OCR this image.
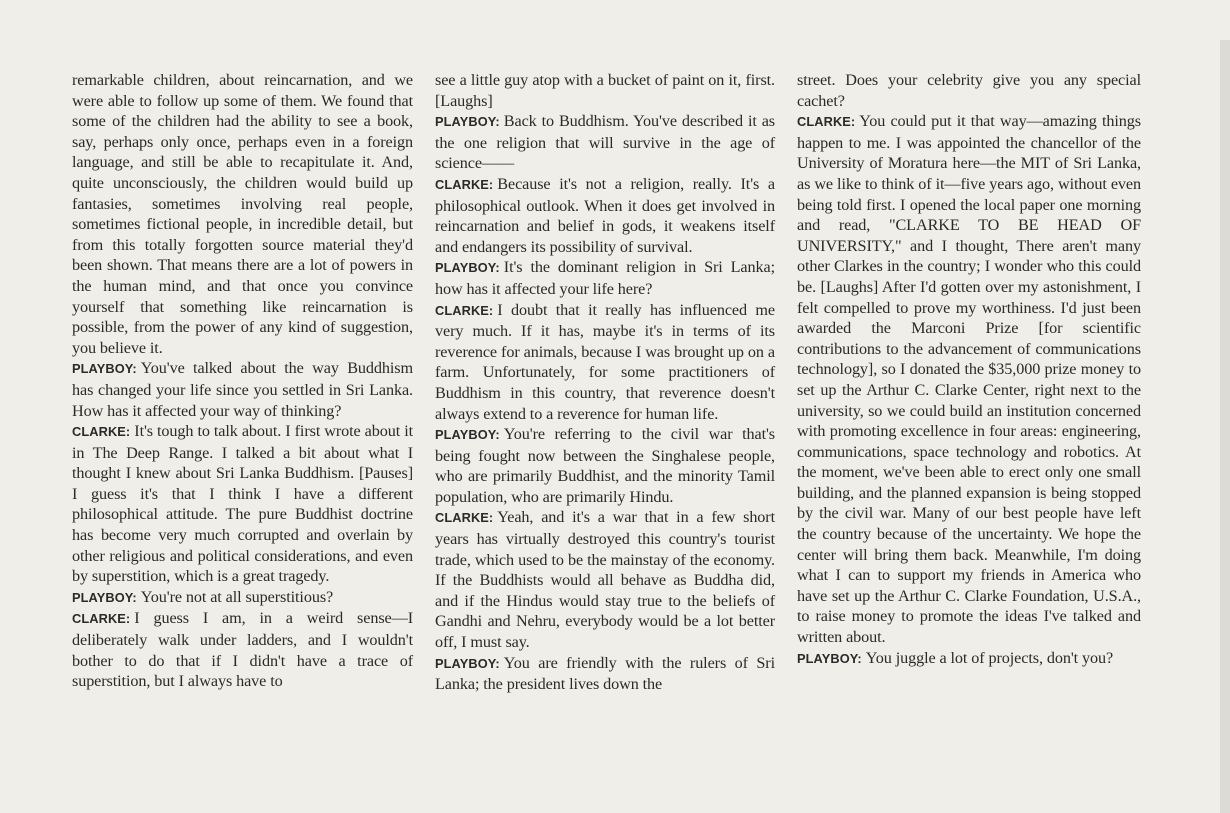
remarkable children, about reincarnation, and we were able to follow up some of them. We found that some of the children had the ability to see a book, say, perhaps only once, perhaps even in a foreign language, and still be able to recapitulate it. And, quite unconsciously, the children would build up fantasies, sometimes involving real people, sometimes fictional people, in incredible detail, but from this totally forgotten source material they'd been shown. That means there are a lot of powers in the human mind, and that once you convince yourself that something like reincarnation is possible, from the power of any kind of suggestion, you believe it.

PLAYBOY: You've talked about the way Buddhism has changed your life since you settled in Sri Lanka. How has it affected your way of thinking?

CLARKE: It's tough to talk about. I first wrote about it in The Deep Range. I talked a bit about what I thought I knew about Sri Lanka Buddhism. [Pauses] I guess it's that I think I have a different philosophical attitude. The pure Buddhist doctrine has become very much corrupted and overlain by other religious and political considerations, and even by superstition, which is a great tragedy.

PLAYBOY: You're not at all superstitious?

CLARKE: I guess I am, in a weird sense—I deliberately walk under ladders, and I wouldn't bother to do that if I didn't have a trace of superstition, but I always have to

see a little guy atop with a bucket of paint on it, first. [Laughs]

PLAYBOY: Back to Buddhism. You've described it as the one religion that will survive in the age of science——

CLARKE: Because it's not a religion, really. It's a philosophical outlook. When it does get involved in reincarnation and belief in gods, it weakens itself and endangers its possibility of survival.

PLAYBOY: It's the dominant religion in Sri Lanka; how has it affected your life here?

CLARKE: I doubt that it really has influenced me very much. If it has, maybe it's in terms of its reverence for animals, because I was brought up on a farm. Unfortunately, for some practitioners of Buddhism in this country, that reverence doesn't always extend to a reverence for human life.

PLAYBOY: You're referring to the civil war that's being fought now between the Singhalese people, who are primarily Buddhist, and the minority Tamil population, who are primarily Hindu.

CLARKE: Yeah, and it's a war that in a few short years has virtually destroyed this country's tourist trade, which used to be the mainstay of the economy. If the Buddhists would all behave as Buddha did, and if the Hindus would stay true to the beliefs of Gandhi and Nehru, everybody would be a lot better off, I must say.

PLAYBOY: You are friendly with the rulers of Sri Lanka; the president lives down the

street. Does your celebrity give you any special cachet?

CLARKE: You could put it that way—amazing things happen to me. I was appointed the chancellor of the University of Moratura here—the MIT of Sri Lanka, as we like to think of it—five years ago, without even being told first. I opened the local paper one morning and read, "CLARKE TO BE HEAD OF UNIVERSITY," and I thought, There aren't many other Clarkes in the country; I wonder who this could be. [Laughs] After I'd gotten over my astonishment, I felt compelled to prove my worthiness. I'd just been awarded the Marconi Prize [for scientific contributions to the advancement of communications technology], so I donated the $35,000 prize money to set up the Arthur C. Clarke Center, right next to the university, so we could build an institution concerned with promoting excellence in four areas: engineering, communications, space technology and robotics. At the moment, we've been able to erect only one small building, and the planned expansion is being stopped by the civil war. Many of our best people have left the country because of the uncertainty. We hope the center will bring them back. Meanwhile, I'm doing what I can to support my friends in America who have set up the Arthur C. Clarke Foundation, U.S.A., to raise money to promote the ideas I've talked and written about.

PLAYBOY: You juggle a lot of projects, don't you?
